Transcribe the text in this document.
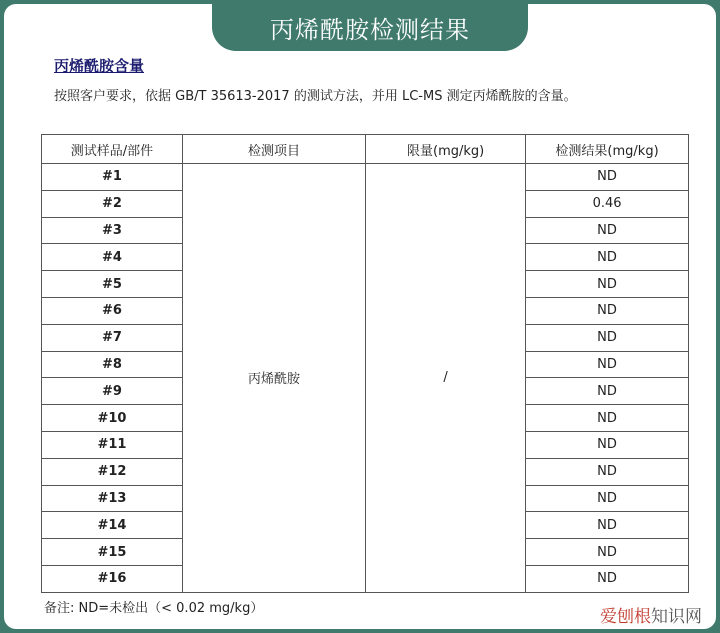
丙烯酰胺检测结果
丙烯酰胺含量
按照客户要求，依据 GB/T 35613-2017 的测试方法，并用 LC-MS 测定丙烯酰胺的含量。
测试样品/部件	检测项目	限量(mg/kg)	检测结果(mg/kg)
#1	丙烯酰胺	/	ND
#2			0.46
#3			ND
#4			ND
#5			ND
#6			ND
#7			ND
#8			ND
#9			ND
#10			ND
#11			ND
#12			ND
#13			ND
#14			ND
#15			ND
#16			ND
备注: ND=未检出（< 0.02 mg/kg）	爱刨根 知识网
